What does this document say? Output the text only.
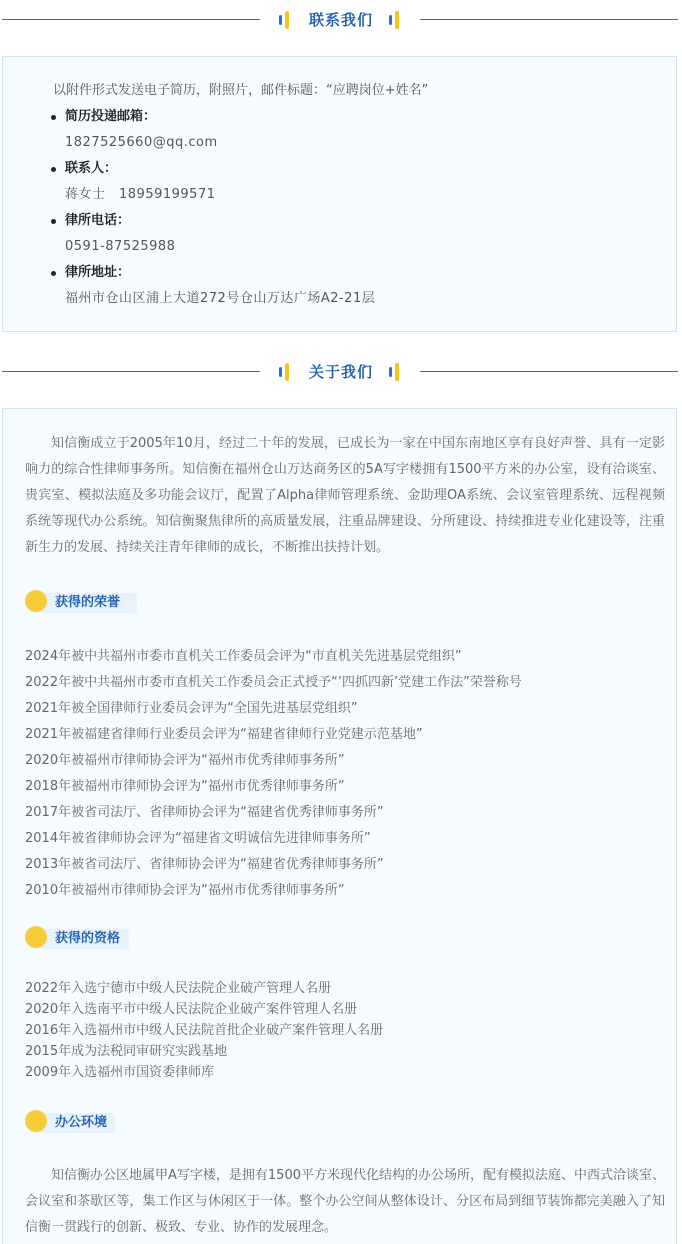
联系我们
以附件形式发送电子简历，附照片，邮件标题：“应聘岗位+姓名”
简历投递邮箱：
1827525660@qq.com
联系人：
蒋女士　18959199571
律所电话：
0591-87525988
律所地址：
福州市仓山区浦上大道272号仓山万达广场A2-21层
关于我们
知信衡成立于2005年10月，经过二十年的发展，已成长为一家在中国东南地区享有良好声誉、具有一定影响力的综合性律师事务所。知信衡在福州仓山万达商务区的5A写字楼拥有1500平方米的办公室，设有洽谈室、贵宾室、模拟法庭及多功能会议厅，配置了Alpha律师管理系统、金助理OA系统、会议室管理系统、远程视频系统等现代办公系统。知信衡聚焦律所的高质量发展，注重品牌建设、分所建设、持续推进专业化建设等，注重新生力的发展、持续关注青年律师的成长，不断推出扶持计划。
获得的荣誉
2024年被中共福州市委市直机关工作委员会评为“市直机关先进基层党组织”
2022年被中共福州市委市直机关工作委员会正式授予“’四抓四新’党建工作法”荣誉称号
2021年被全国律师行业委员会评为“全国先进基层党组织”
2021年被福建省律师行业委员会评为“福建省律师行业党建示范基地”
2020年被福州市律师协会评为“福州市优秀律师事务所”
2018年被福州市律师协会评为“福州市优秀律师事务所”
2017年被省司法厅、省律师协会评为“福建省优秀律师事务所”
2014年被省律师协会评为“福建省文明诚信先进律师事务所”
2013年被省司法厅、省律师协会评为“福建省优秀律师事务所”
2010年被福州市律师协会评为“福州市优秀律师事务所”
获得的资格
2022年入选宁德市中级人民法院企业破产管理人名册
2020年入选南平市中级人民法院企业破产案件管理人名册
2016年入选福州市中级人民法院首批企业破产案件管理人名册
2015年成为法税同审研究实践基地
2009年入选福州市国资委律师库
办公环境
知信衡办公区地属甲A写字楼，是拥有1500平方米现代化结构的办公场所，配有模拟法庭、中西式洽谈室、会议室和茶歇区等，集工作区与休闲区于一体。整个办公空间从整体设计、分区布局到细节装饰都完美融入了知信衡一贯践行的创新、极致、专业、协作的发展理念。
